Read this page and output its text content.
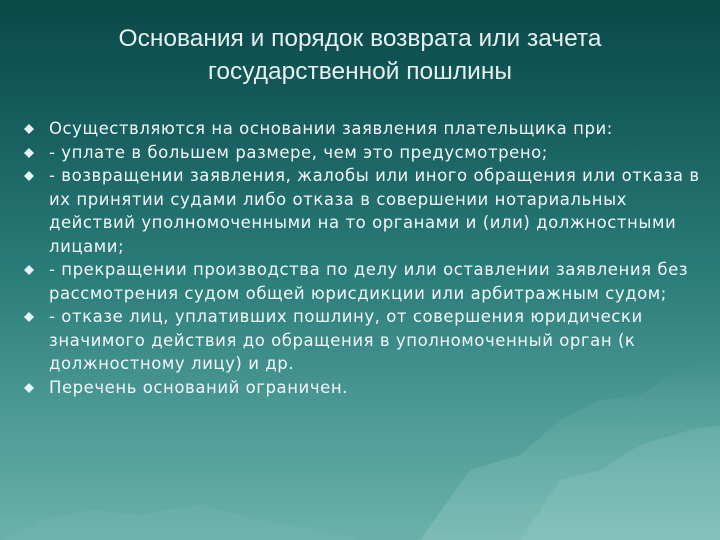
Основания и порядок возврата или зачета
государственной пошлины
Осуществляются на основании заявления плательщика при:
- уплате в большем размере, чем это предусмотрено;
- возвращении заявления, жалобы или иного обращения или отказа в их принятии судами либо отказа в совершении нотариальных действий уполномоченными на то органами и (или) должностными лицами;
- прекращении производства по делу или оставлении заявления без рассмотрения судом общей юрисдикции или арбитражным судом;
- отказе лиц, уплативших пошлину, от совершения юридически значимого действия до обращения в уполномоченный орган (к должностному лицу) и др.
Перечень оснований ограничен.
